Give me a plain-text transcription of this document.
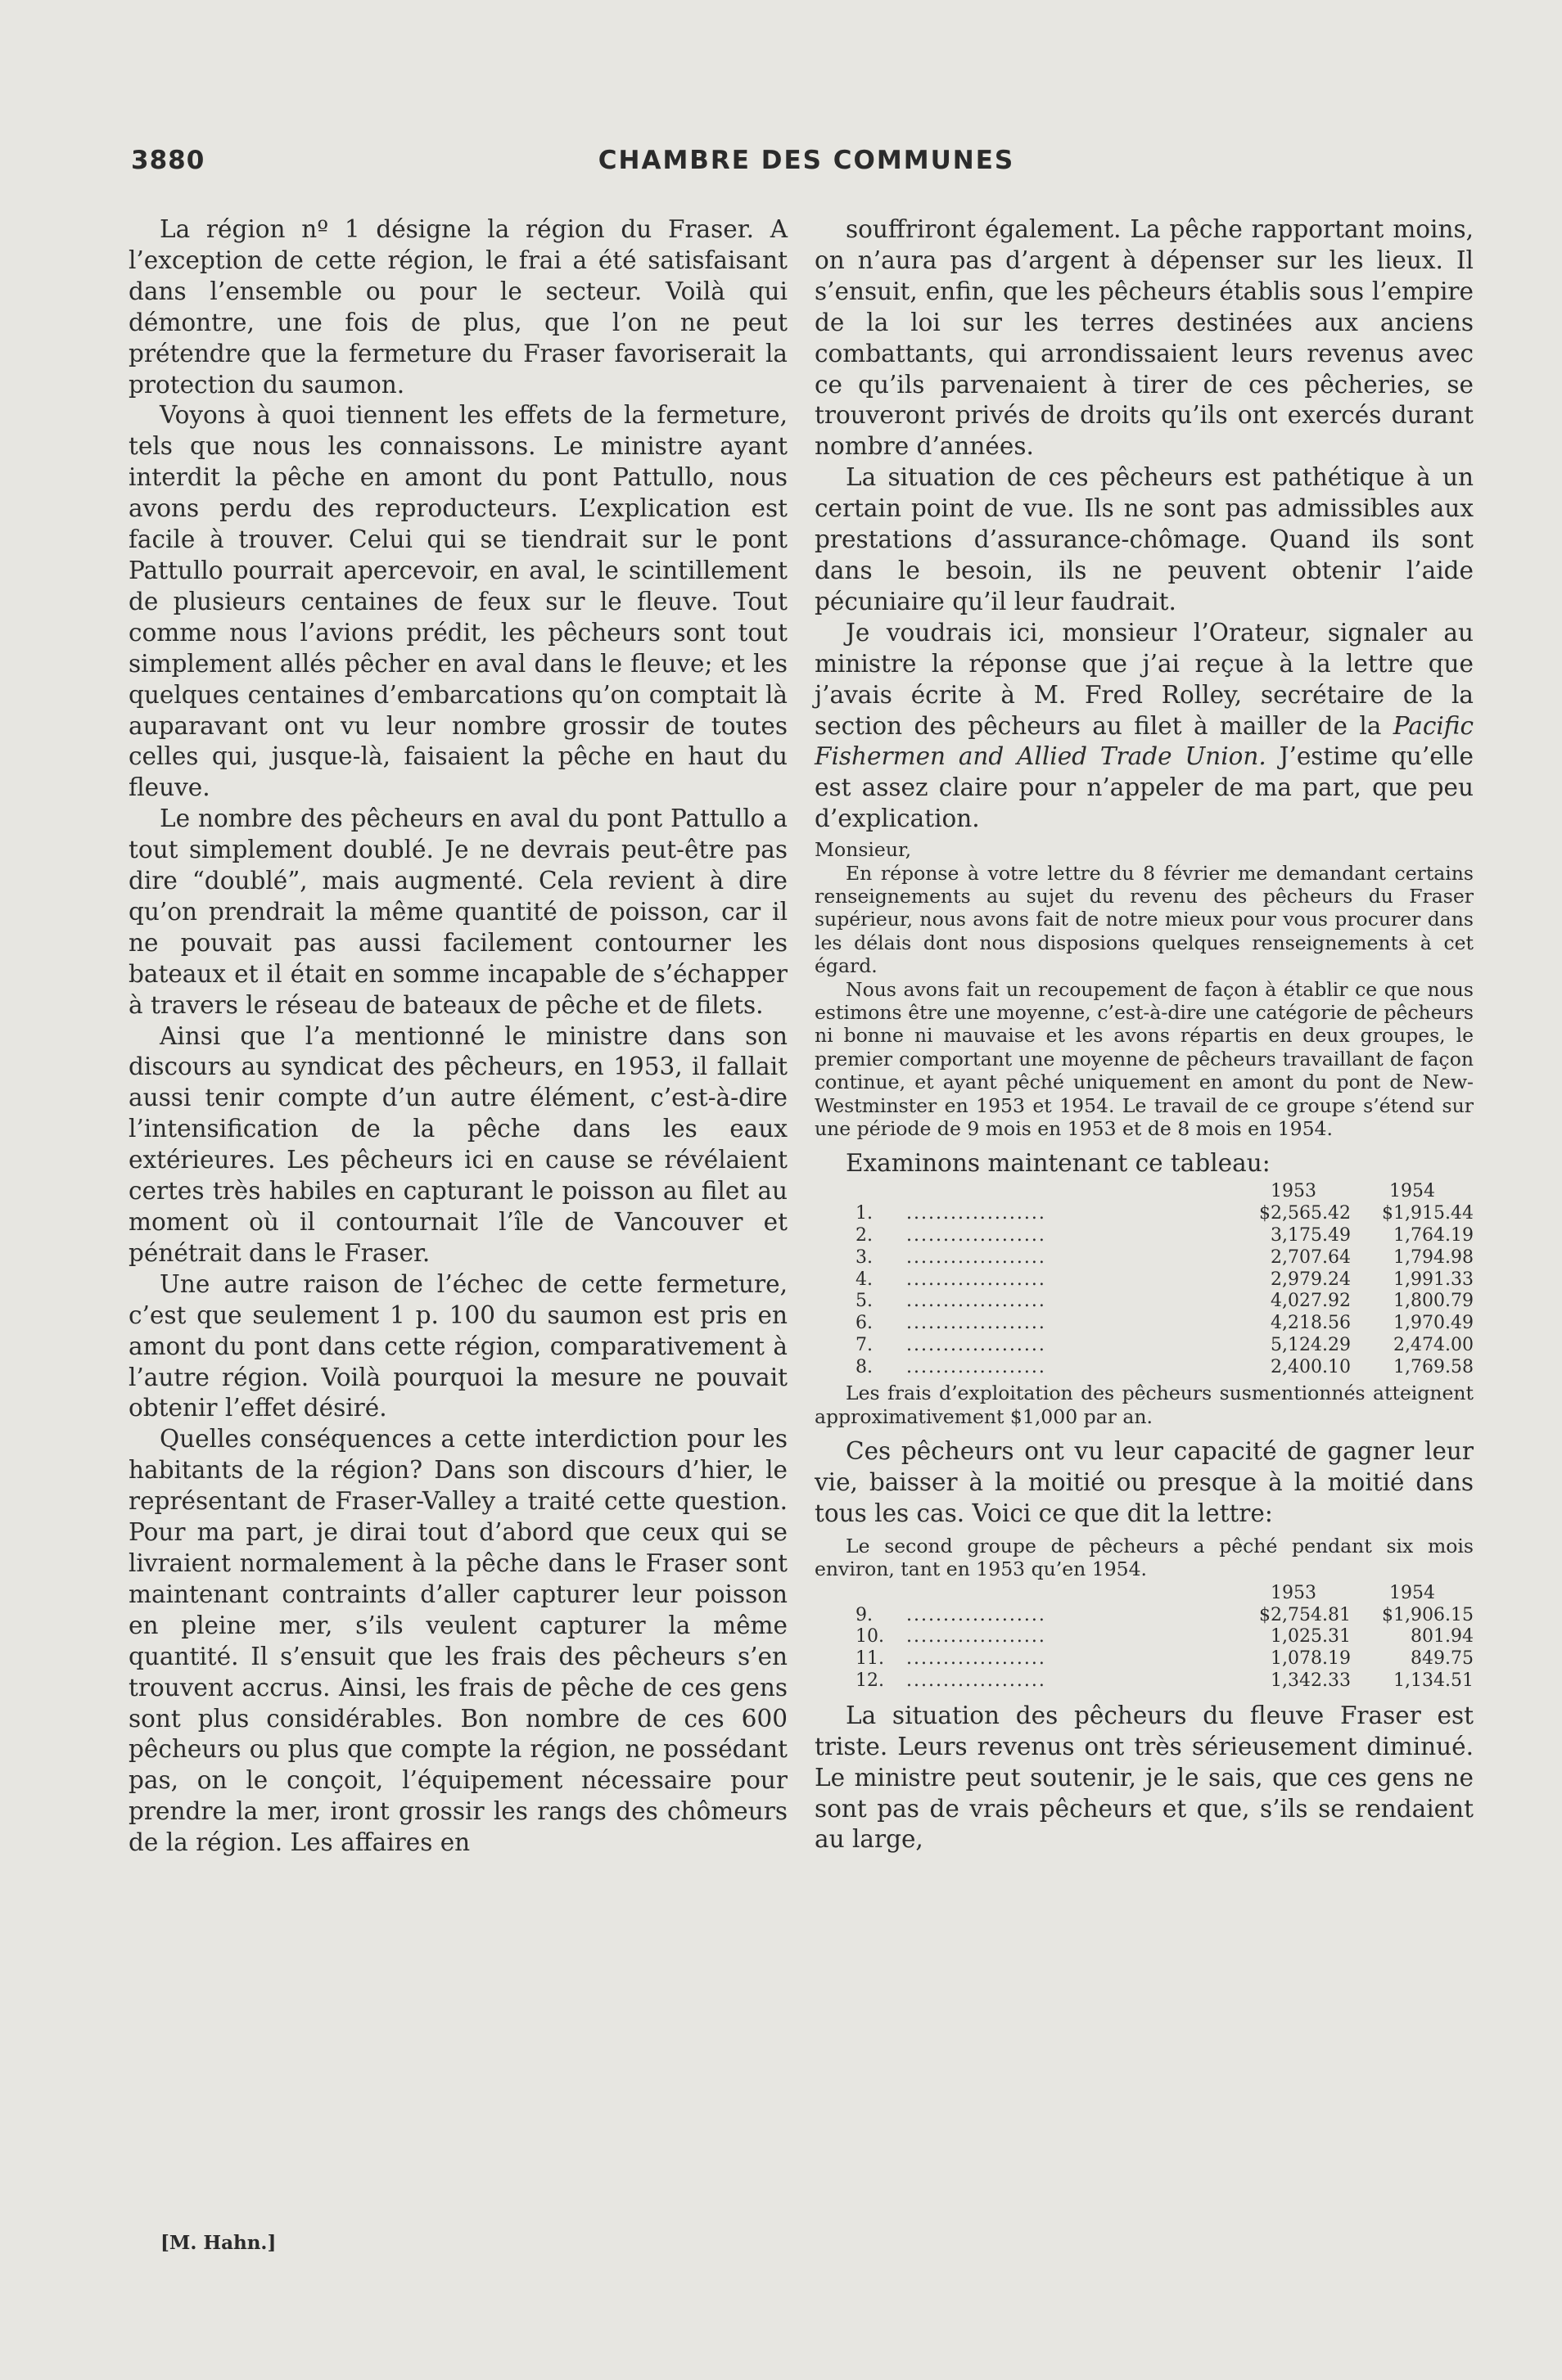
3880	CHAMBRE DES COMMUNES

La région nº 1 désigne la région du Fraser. A l’exception de cette région, le frai a été satisfaisant dans l’ensemble ou pour le secteur. Voilà qui démontre, une fois de plus, que l’on ne peut prétendre que la fermeture du Fraser favoriserait la protection du saumon.

Voyons à quoi tiennent les effets de la fermeture, tels que nous les connaissons. Le ministre ayant interdit la pêche en amont du pont Pattullo, nous avons perdu des reproducteurs. L’explication est facile à trouver. Celui qui se tiendrait sur le pont Pattullo pourrait apercevoir, en aval, le scintillement de plusieurs centaines de feux sur le fleuve. Tout comme nous l’avions prédit, les pêcheurs sont tout simplement allés pêcher en aval dans le fleuve; et les quelques centaines d’embarcations qu’on comptait là auparavant ont vu leur nombre grossir de toutes celles qui, jusque-là, faisaient la pêche en haut du fleuve.

Le nombre des pêcheurs en aval du pont Pattullo a tout simplement doublé. Je ne devrais peut-être pas dire “doublé”, mais augmenté. Cela revient à dire qu’on prendrait la même quantité de poisson, car il ne pouvait pas aussi facilement contourner les bateaux et il était en somme incapable de s’échapper à travers le réseau de bateaux de pêche et de filets.

Ainsi que l’a mentionné le ministre dans son discours au syndicat des pêcheurs, en 1953, il fallait aussi tenir compte d’un autre élément, c’est-à-dire l’intensification de la pêche dans les eaux extérieures. Les pêcheurs ici en cause se révélaient certes très habiles en capturant le poisson au filet au moment où il contournait l’île de Vancouver et pénétrait dans le Fraser.

Une autre raison de l’échec de cette fermeture, c’est que seulement 1 p. 100 du saumon est pris en amont du pont dans cette région, comparativement à l’autre région. Voilà pourquoi la mesure ne pouvait obtenir l’effet désiré.

Quelles conséquences a cette interdiction pour les habitants de la région? Dans son discours d’hier, le représentant de Fraser-Valley a traité cette question. Pour ma part, je dirai tout d’abord que ceux qui se livraient normalement à la pêche dans le Fraser sont maintenant contraints d’aller capturer leur poisson en pleine mer, s’ils veulent capturer la même quantité. Il s’ensuit que les frais des pêcheurs s’en trouvent accrus. Ainsi, les frais de pêche de ces gens sont plus considérables. Bon nombre de ces 600 pêcheurs ou plus que compte la région, ne possédant pas, on le conçoit, l’équipement nécessaire pour prendre la mer, iront grossir les rangs des chômeurs de la région. Les affaires en

[M. Hahn.]

souffriront également. La pêche rapportant moins, on n’aura pas d’argent à dépenser sur les lieux. Il s’ensuit, enfin, que les pêcheurs établis sous l’empire de la loi sur les terres destinées aux anciens combattants, qui arrondissaient leurs revenus avec ce qu’ils parvenaient à tirer de ces pêcheries, se trouveront privés de droits qu’ils ont exercés durant nombre d’années.

La situation de ces pêcheurs est pathétique à un certain point de vue. Ils ne sont pas admissibles aux prestations d’assurance-chômage. Quand ils sont dans le besoin, ils ne peuvent obtenir l’aide pécuniaire qu’il leur faudrait.

Je voudrais ici, monsieur l’Orateur, signaler au ministre la réponse que j’ai reçue à la lettre que j’avais écrite à M. Fred Rolley, secrétaire de la section des pêcheurs au filet à mailler de la Pacific Fishermen and Allied Trade Union. J’estime qu’elle est assez claire pour n’appeler de ma part, que peu d’explication.

Monsieur,

En réponse à votre lettre du 8 février me demandant certains renseignements au sujet du revenu des pêcheurs du Fraser supérieur, nous avons fait de notre mieux pour vous procurer dans les délais dont nous disposions quelques renseignements à cet égard.

Nous avons fait un recoupement de façon à établir ce que nous estimons être une moyenne, c’est-à-dire une catégorie de pêcheurs ni bonne ni mauvaise et les avons répartis en deux groupes, le premier comportant une moyenne de pêcheurs travaillant de façon continue, et ayant pêché uniquement en amont du pont de New-Westminster en 1953 et 1954. Le travail de ce groupe s’étend sur une période de 9 mois en 1953 et de 8 mois en 1954.

Examinons maintenant ce tableau:

		1953	1954
1.	...................	$2,565.42	$1,915.44
2.	...................	3,175.49	1,764.19
3.	...................	2,707.64	1,794.98
4.	...................	2,979.24	1,991.33
5.	...................	4,027.92	1,800.79
6.	...................	4,218.56	1,970.49
7.	...................	5,124.29	2,474.00
8.	...................	2,400.10	1,769.58

Les frais d’exploitation des pêcheurs susmentionnés atteignent approximativement $1,000 par an.

Ces pêcheurs ont vu leur capacité de gagner leur vie, baisser à la moitié ou presque à la moitié dans tous les cas. Voici ce que dit la lettre:

Le second groupe de pêcheurs a pêché pendant six mois environ, tant en 1953 qu’en 1954.

		1953	1954
9.	...................	$2,754.81	$1,906.15
10.	...................	1,025.31	801.94
11.	...................	1,078.19	849.75
12.	...................	1,342.33	1,134.51

La situation des pêcheurs du fleuve Fraser est triste. Leurs revenus ont très sérieusement diminué. Le ministre peut soutenir, je le sais, que ces gens ne sont pas de vrais pêcheurs et que, s’ils se rendaient au large,
